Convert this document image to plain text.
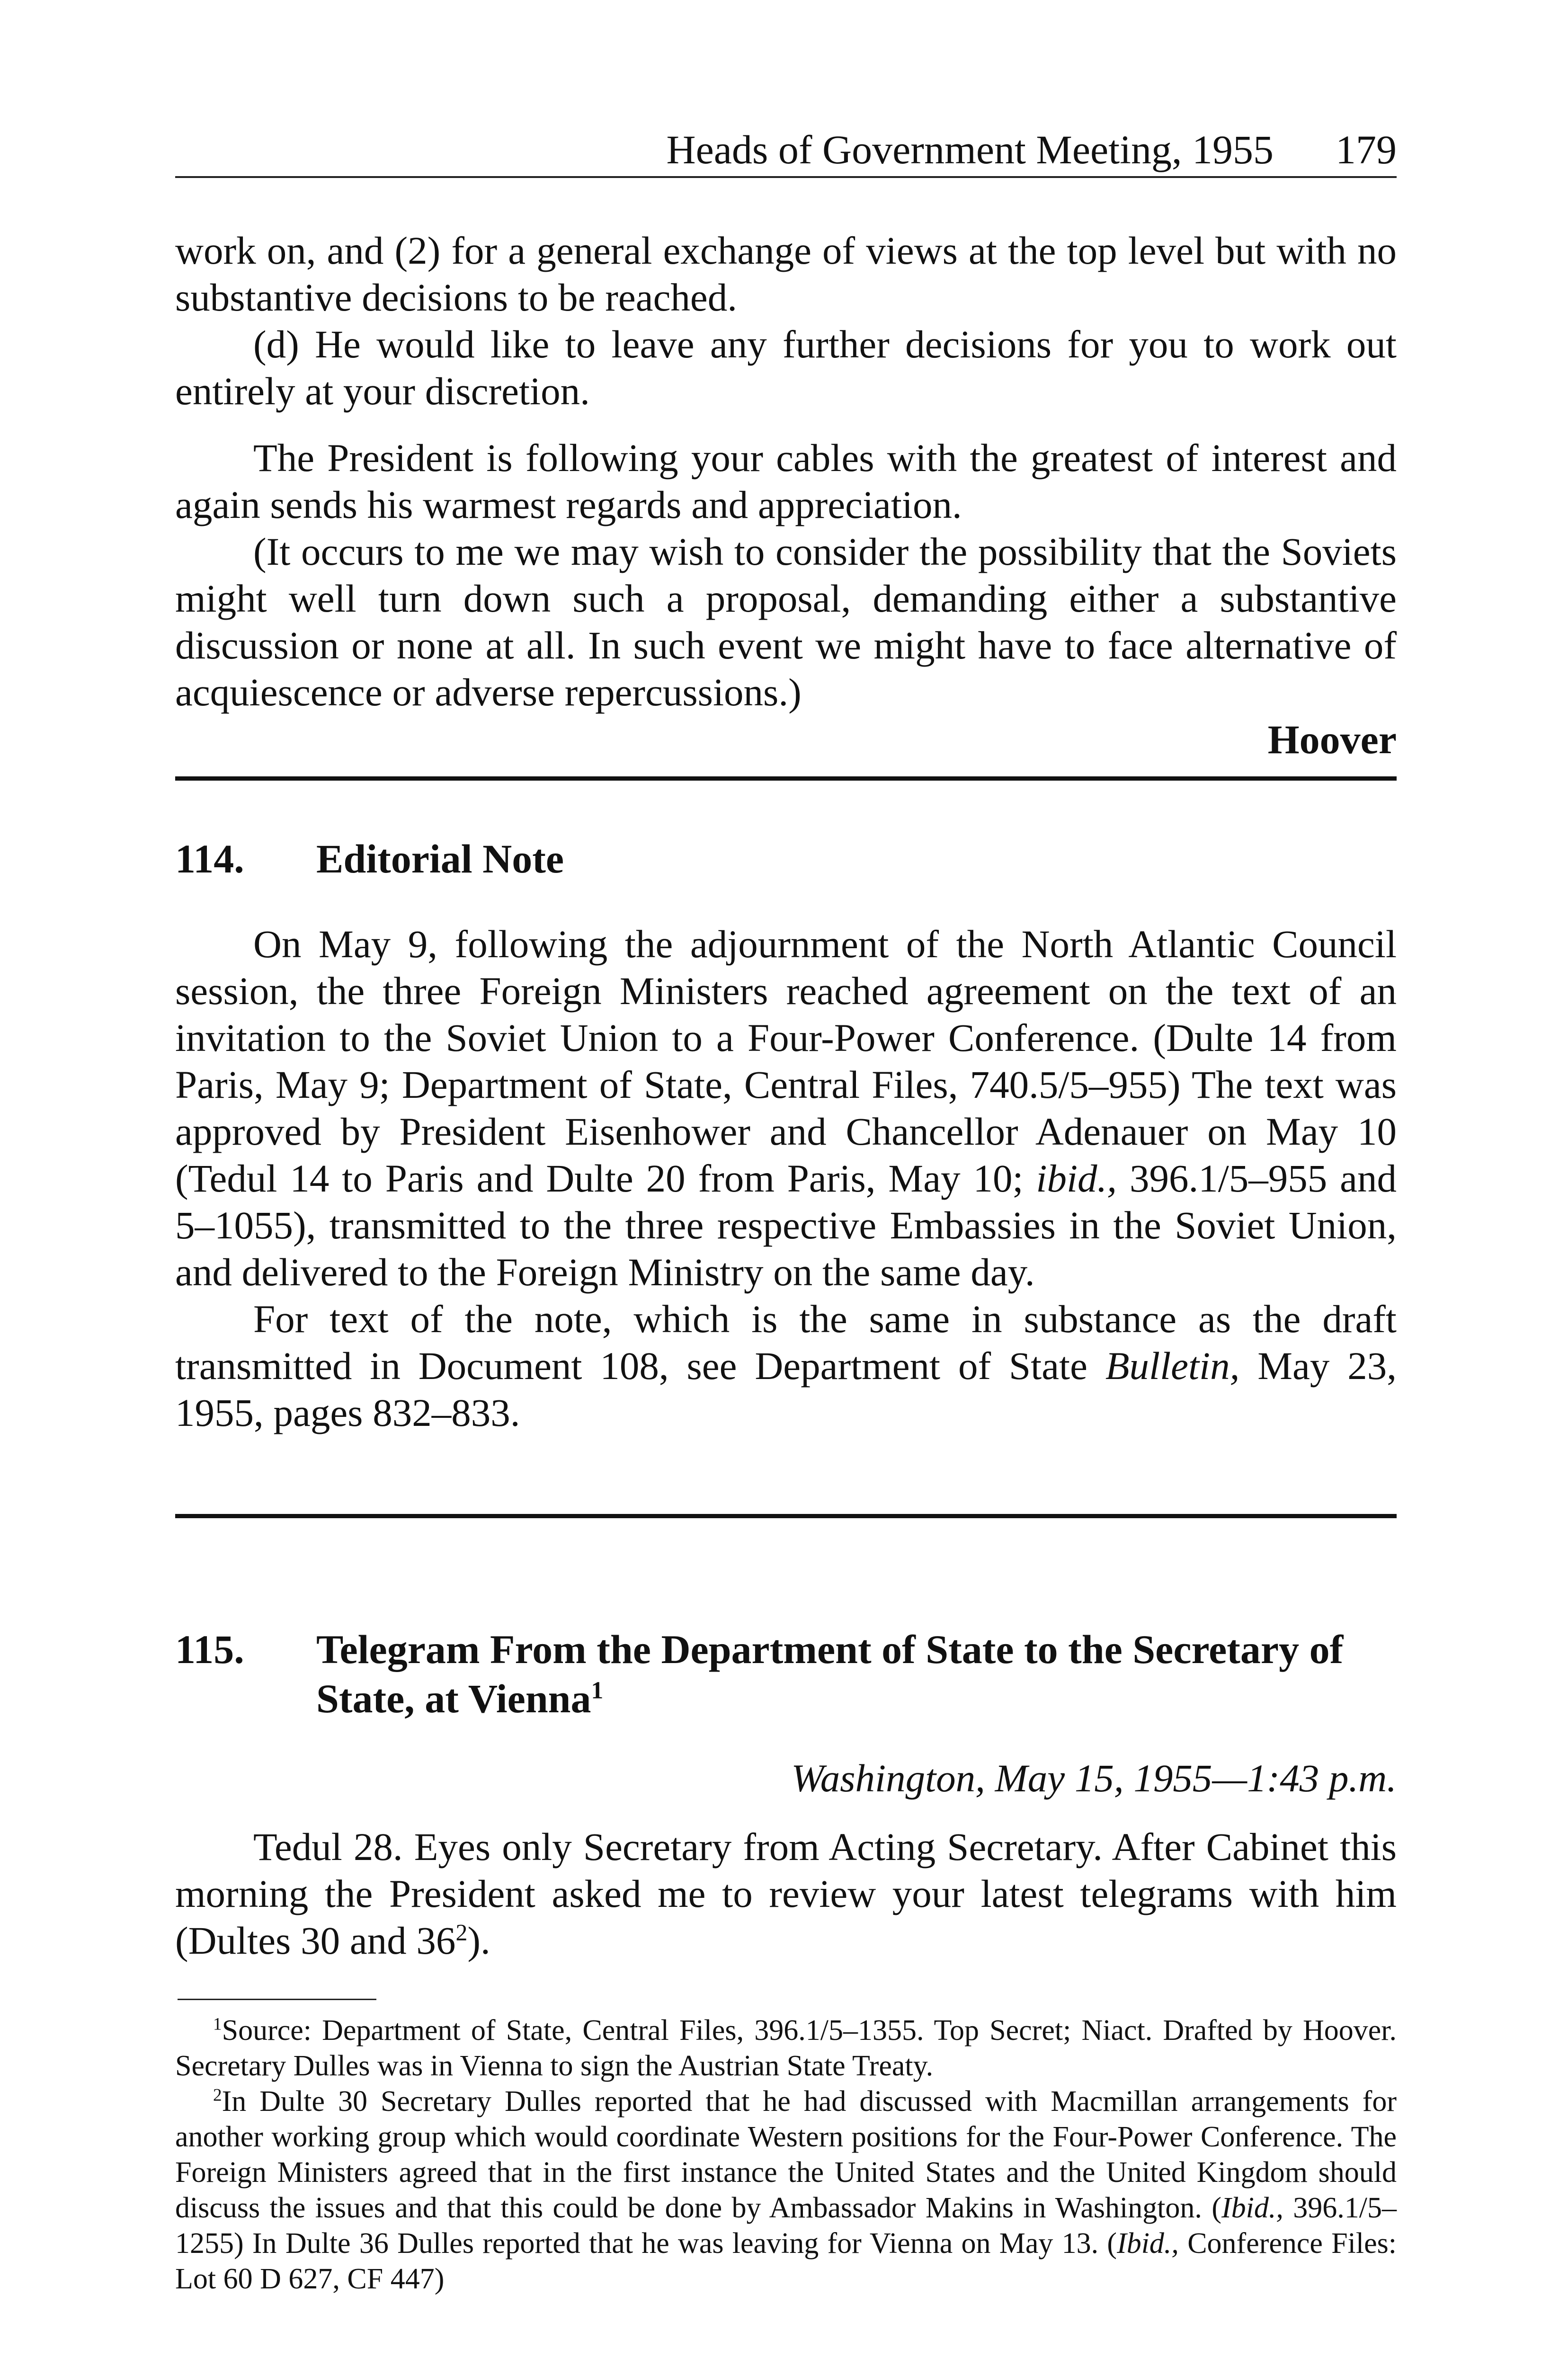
Heads of Government Meeting, 1955 179

work on, and (2) for a general exchange of views at the top level but with no substantive decisions to be reached.

(d) He would like to leave any further decisions for you to work out entirely at your discretion.

The President is following your cables with the greatest of interest and again sends his warmest regards and appreciation.

(It occurs to me we may wish to consider the possibility that the Soviets might well turn down such a proposal, demanding either a substantive discussion or none at all. In such event we might have to face alternative of acquiescence or adverse repercussions.)

Hoover

114. Editorial Note

On May 9, following the adjournment of the North Atlantic Council session, the three Foreign Ministers reached agreement on the text of an invitation to the Soviet Union to a Four-Power Conference. (Dulte 14 from Paris, May 9; Department of State, Central Files, 740.5/5–955) The text was approved by President Eisenhower and Chancellor Adenauer on May 10 (Tedul 14 to Paris and Dulte 20 from Paris, May 10; ibid., 396.1/5–955 and 5–1055), transmitted to the three respective Embassies in the Soviet Union, and delivered to the Foreign Ministry on the same day.

For text of the note, which is the same in substance as the draft transmitted in Document 108, see Department of State Bulletin, May 23, 1955, pages 832–833.

115. Telegram From the Department of State to the Secretary of State, at Vienna$^1$

Washington, May 15, 1955—1:43 p.m.

Tedul 28. Eyes only Secretary from Acting Secretary. After Cabinet this morning the President asked me to review your latest telegrams with him (Dultes 30 and $36^2$).

$^1$Source: Department of State, Central Files, 396.1/5–1355. Top Secret; Niact. Drafted by Hoover. Secretary Dulles was in Vienna to sign the Austrian State Treaty.

$^2$In Dulte 30 Secretary Dulles reported that he had discussed with Macmillan arrangements for another working group which would coordinate Western positions for the Four-Power Conference. The Foreign Ministers agreed that in the first instance the United States and the United Kingdom should discuss the issues and that this could be done by Ambassador Makins in Washington. (Ibid., 396.1/5–1255) In Dulte 36 Dulles reported that he was leaving for Vienna on May 13. (Ibid., Conference Files: Lot 60 D 627, CF 447)
